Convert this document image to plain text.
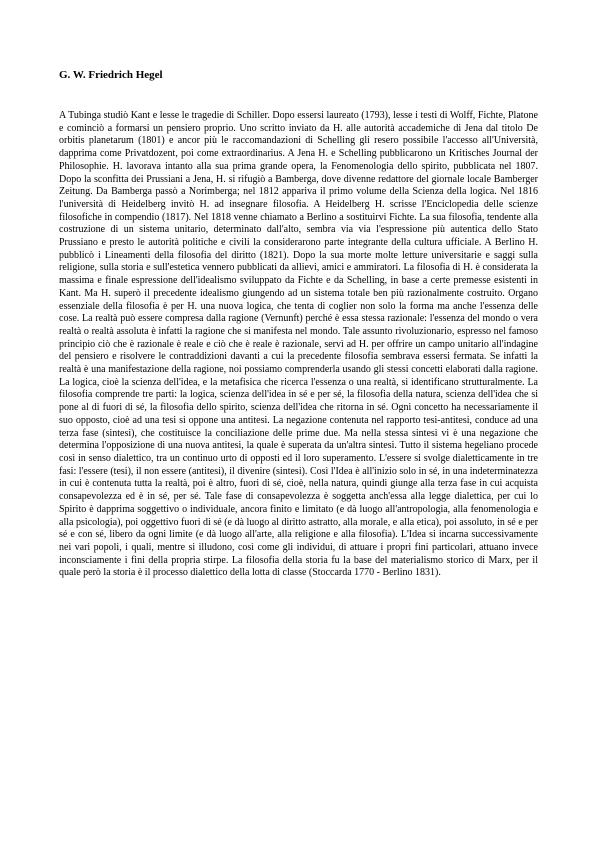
G. W. Friedrich Hegel

A Tubinga studiò Kant e lesse le tragedie di Schiller. Dopo essersi laureato (1793), lesse i testi di Wolff, Fichte, Platone e cominciò a formarsi un pensiero proprio. Uno scritto inviato da H. alle autorità accademiche di Jena dal titolo De orbitis planetarum (1801) e ancor più le raccomandazioni di Schelling gli resero possibile l'accesso all'Università, dapprima come Privatdozent, poi come extraordinarius. A Jena H. e Schelling pubblicarono un Kritisches Journal der Philosophie. H. lavorava intanto alla sua prima grande opera, la Fenomenologia dello spirito, pubblicata nel 1807. Dopo la sconfitta dei Prussiani a Jena, H. si rifugiò a Bamberga, dove divenne redattore del giornale locale Bamberger Zeitung. Da Bamberga passò a Norimberga; nel 1812 appariva il primo volume della Scienza della logica. Nel 1816 l'università di Heidelberg invitò H. ad insegnare filosofia. A Heidelberg H. scrisse l'Enciclopedia delle scienze filosofiche in compendio (1817). Nel 1818 venne chiamato a Berlino a sostituirvi Fichte. La sua filosofia, tendente alla costruzione di un sistema unitario, determinato dall'alto, sembra via via l'espressione più autentica dello Stato Prussiano e presto le autorità politiche e civili la considerarono parte integrante della cultura ufficiale. A Berlino H. pubblicò i Lineamenti della filosofia del diritto (1821). Dopo la sua morte molte letture universitarie e saggi sulla religione, sulla storia e sull'estetica vennero pubblicati da allievi, amici e ammiratori. La filosofia di H. è considerata la massima e finale espressione dell'idealismo sviluppato da Fichte e da Schelling, in base a certe premesse esistenti in Kant. Ma H. superò il precedente idealismo giungendo ad un sistema totale ben più razionalmente costruito. Organo essenziale della filosofia è per H. una nuova logica, che tenta di coglier non solo la forma ma anche l'essenza delle cose. La realtà può essere compresa dalla ragione (Vernunft) perché è essa stessa razionale: l'essenza del mondo o vera realtà o realtà assoluta è infatti la ragione che si manifesta nel mondo. Tale assunto rivoluzionario, espresso nel famoso principio ciò che è razionale è reale e ciò che è reale è razionale, servì ad H. per offrire un campo unitario all'indagine del pensiero e risolvere le contraddizioni davanti a cui la precedente filosofia sembrava essersi fermata. Se infatti la realtà è una manifestazione della ragione, noi possiamo comprenderla usando gli stessi concetti elaborati dalla ragione. La logica, cioè la scienza dell'idea, e la metafisica che ricerca l'essenza o una realtà, si identificano strutturalmente. La filosofia comprende tre parti: la logica, scienza dell'idea in sé e per sé, la filosofia della natura, scienza dell'idea che si pone al di fuori di sé, la filosofia dello spirito, scienza dell'idea che ritorna in sé. Ogni concetto ha necessariamente il suo opposto, cioè ad una tesi si oppone una antitesi. La negazione contenuta nel rapporto tesi-antitesi, conduce ad una terza fase (sintesi), che costituisce la conciliazione delle prime due. Ma nella stessa sintesi vi è una negazione che determina l'opposizione di una nuova antitesi, la quale è superata da un'altra sintesi. Tutto il sistema hegeliano procede così in senso dialettico, tra un continuo urto di opposti ed il loro superamento. L'essere si svolge dialetticamente in tre fasi: l'essere (tesi), il non essere (antitesi), il divenire (sintesi). Così l'Idea è all'inizio solo in sé, in una indeterminatezza in cui è contenuta tutta la realtà, poi è altro, fuori di sé, cioè, nella natura, quindi giunge alla terza fase in cui acquista consapevolezza ed è in sé, per sé. Tale fase di consapevolezza è soggetta anch'essa alla legge dialettica, per cui lo Spirito è dapprima soggettivo o individuale, ancora finito e limitato (e dà luogo all'antropologia, alla fenomenologia e alla psicologia), poi oggettivo fuori di sé (e dà luogo al diritto astratto, alla morale, e alla etica), poi assoluto, in sé e per sé e con sé, libero da ogni limite (e dà luogo all'arte, alla religione e alla filosofia). L'Idea si incarna successivamente nei vari popoli, i quali, mentre si illudono, così come gli individui, di attuare i propri fini particolari, attuano invece inconsciamente i fini della propria stirpe. La filosofia della storia fu la base del materialismo storico di Marx, per il quale però la storia è il processo dialettico della lotta di classe (Stoccarda 1770 - Berlino 1831).
